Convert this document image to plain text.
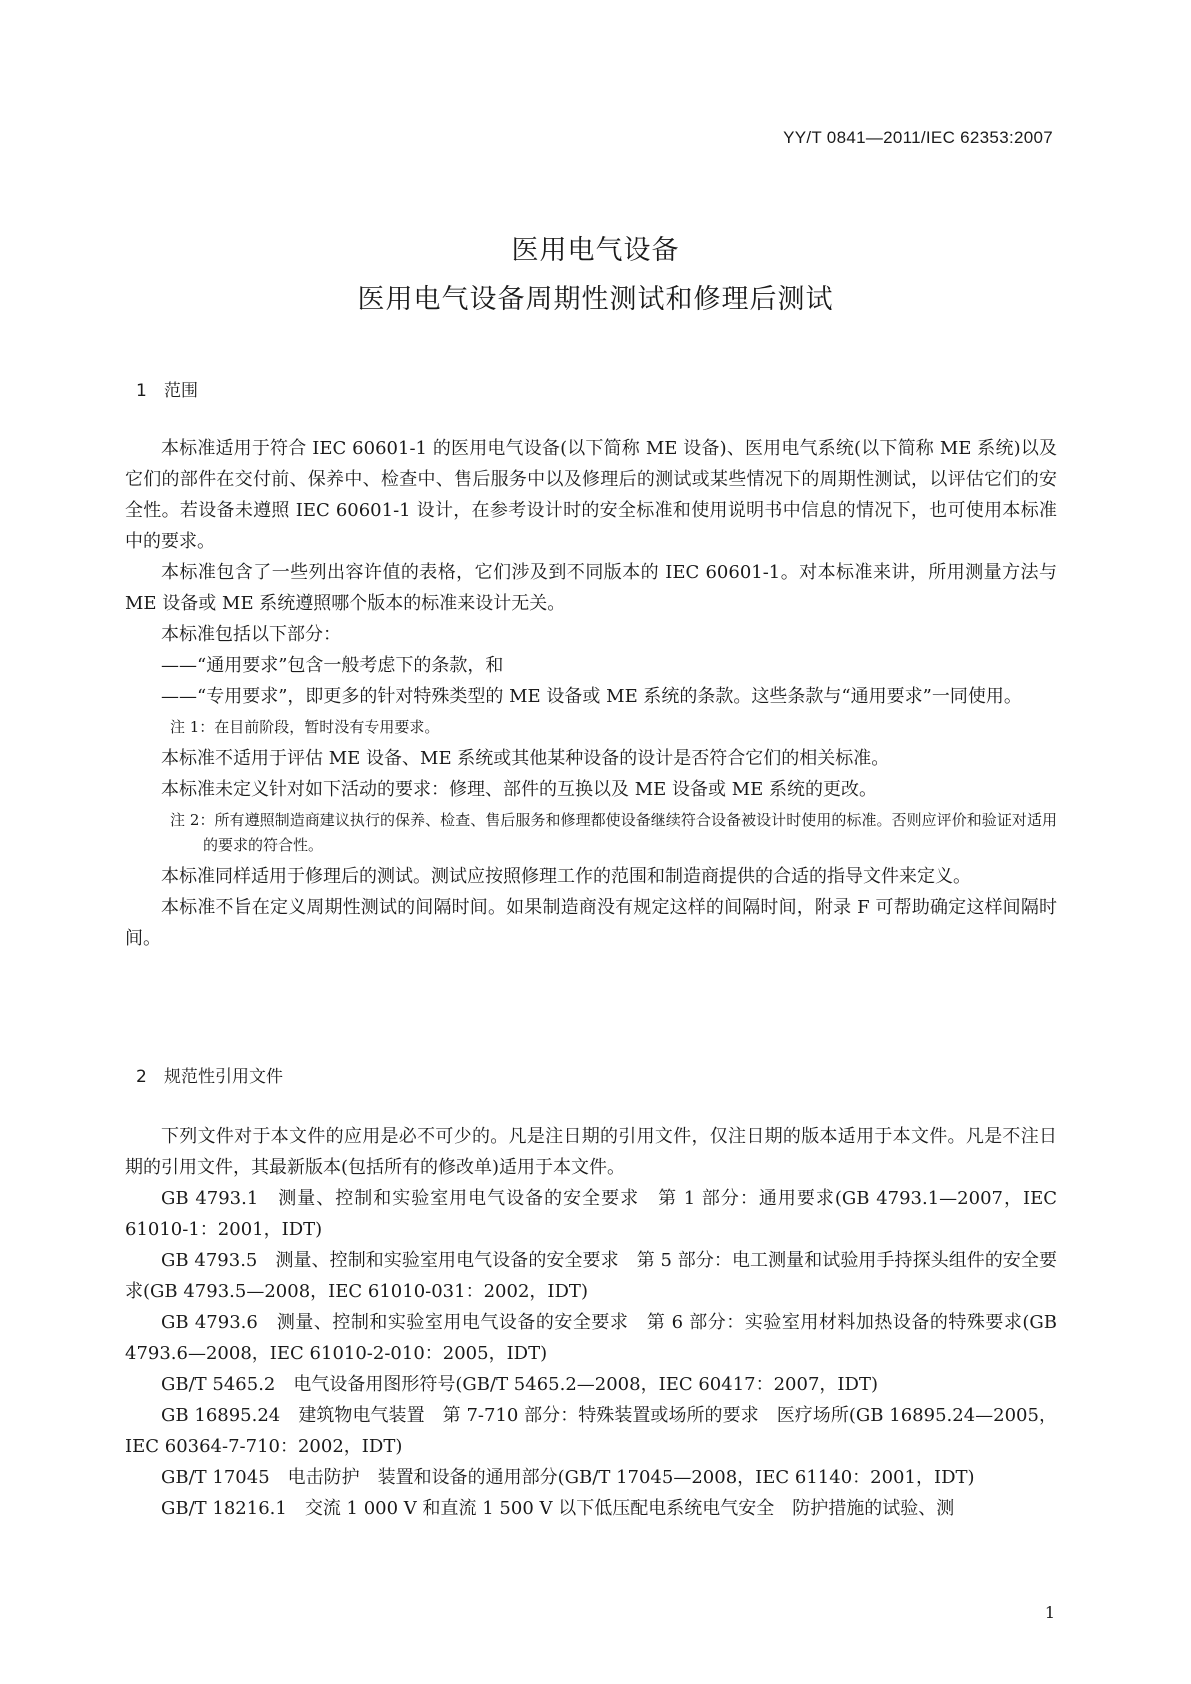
YY/T 0841—2011/IEC 62353:2007
医用电气设备
医用电气设备周期性测试和修理后测试
1 范围

本标准适用于符合 IEC 60601-1 的医用电气设备(以下简称 ME 设备)、医用电气系统(以下简称 ME 系统)以及它们的部件在交付前、保养中、检查中、售后服务中以及修理后的测试或某些情况下的周期性测试，以评估它们的安全性。若设备未遵照 IEC 60601-1 设计，在参考设计时的安全标准和使用说明书中信息的情况下，也可使用本标准中的要求。

本标准包含了一些列出容许值的表格，它们涉及到不同版本的 IEC 60601-1。对本标准来讲，所用测量方法与 ME 设备或 ME 系统遵照哪个版本的标准来设计无关。

本标准包括以下部分：

——“通用要求”包含一般考虑下的条款，和

——“专用要求”，即更多的针对特殊类型的 ME 设备或 ME 系统的条款。这些条款与“通用要求”一同使用。

注 1：在目前阶段，暂时没有专用要求。

本标准不适用于评估 ME 设备、ME 系统或其他某种设备的设计是否符合它们的相关标准。

本标准未定义针对如下活动的要求：修理、部件的互换以及 ME 设备或 ME 系统的更改。

注 2：所有遵照制造商建议执行的保养、检查、售后服务和修理都使设备继续符合设备被设计时使用的标准。否则应评价和验证对适用的要求的符合性。

本标准同样适用于修理后的测试。测试应按照修理工作的范围和制造商提供的合适的指导文件来定义。

本标准不旨在定义周期性测试的间隔时间。如果制造商没有规定这样的间隔时间，附录 F 可帮助确定这样间隔时间。

2 规范性引用文件

下列文件对于本文件的应用是必不可少的。凡是注日期的引用文件，仅注日期的版本适用于本文件。凡是不注日期的引用文件，其最新版本(包括所有的修改单)适用于本文件。

GB 4793.1　测量、控制和实验室用电气设备的安全要求　第 1 部分：通用要求(GB 4793.1—2007，IEC 61010-1：2001，IDT)

GB 4793.5　测量、控制和实验室用电气设备的安全要求　第 5 部分：电工测量和试验用手持探头组件的安全要求(GB 4793.5—2008，IEC 61010-031：2002，IDT)

GB 4793.6　测量、控制和实验室用电气设备的安全要求　第 6 部分：实验室用材料加热设备的特殊要求(GB 4793.6—2008，IEC 61010-2-010：2005，IDT)

GB/T 5465.2　电气设备用图形符号(GB/T 5465.2—2008，IEC 60417：2007，IDT)

GB 16895.24　建筑物电气装置　第 7-710 部分：特殊装置或场所的要求　医疗场所(GB 16895.24—2005，IEC 60364-7-710：2002，IDT)

GB/T 17045　电击防护　装置和设备的通用部分(GB/T 17045—2008，IEC 61140：2001，IDT)

GB/T 18216.1　交流 1 000 V 和直流 1 500 V 以下低压配电系统电气安全　防护措施的试验、测

1
